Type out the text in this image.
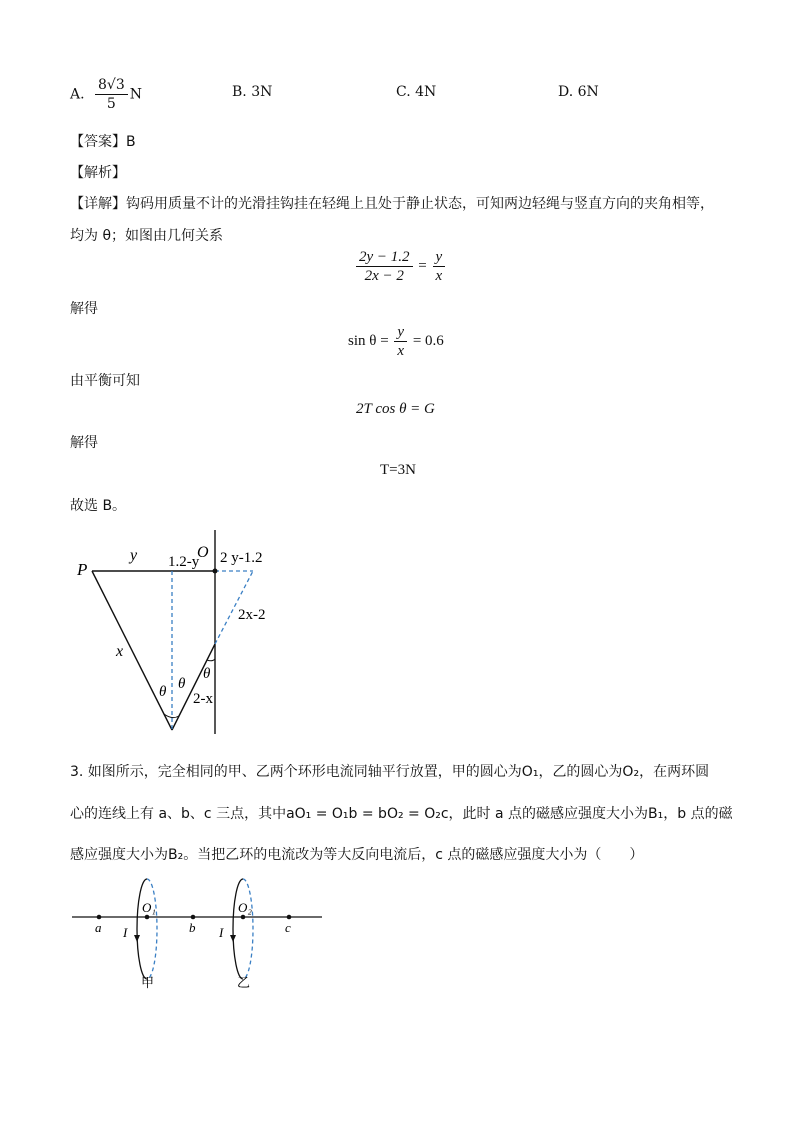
A. $\frac{8√3}{5}$ N	B. 3N	C. 4N	D. 6N
【答案】B
【解析】
【详解】钩码用质量不计的光滑挂钩挂在轻绳上且处于静止状态，可知两边轻绳与竖直方向的夹角相等，
均为 θ；如图由几何关系
$\frac{2y - 1.2}{2x - 2} = \frac{y}{x}$
解得
$\sin \theta = \frac{y}{x} = 0.6$
由平衡可知
2T cos θ = G
解得
T=3N
故选 B。
P
O
y 1.2-y 2 y-1.2
2x-2
x
θ θ
θ
2-x
3. 如图所示，完全相同的甲、乙两个环形电流同轴平行放置，甲的圆心为O₁，乙的圆心为O₂，在两环圆
心的连线上有 a、b、c 三点，其中aO₁ = O₁b = bO₂ = O₂c，此时 a 点的磁感应强度大小为B₁，b 点的磁
感应强度大小为B₂。当把乙环的电流改为等大反向电流后，c 点的磁感应强度大小为（　　）
a	b	c
O₁	O₂
I	I
甲	乙
